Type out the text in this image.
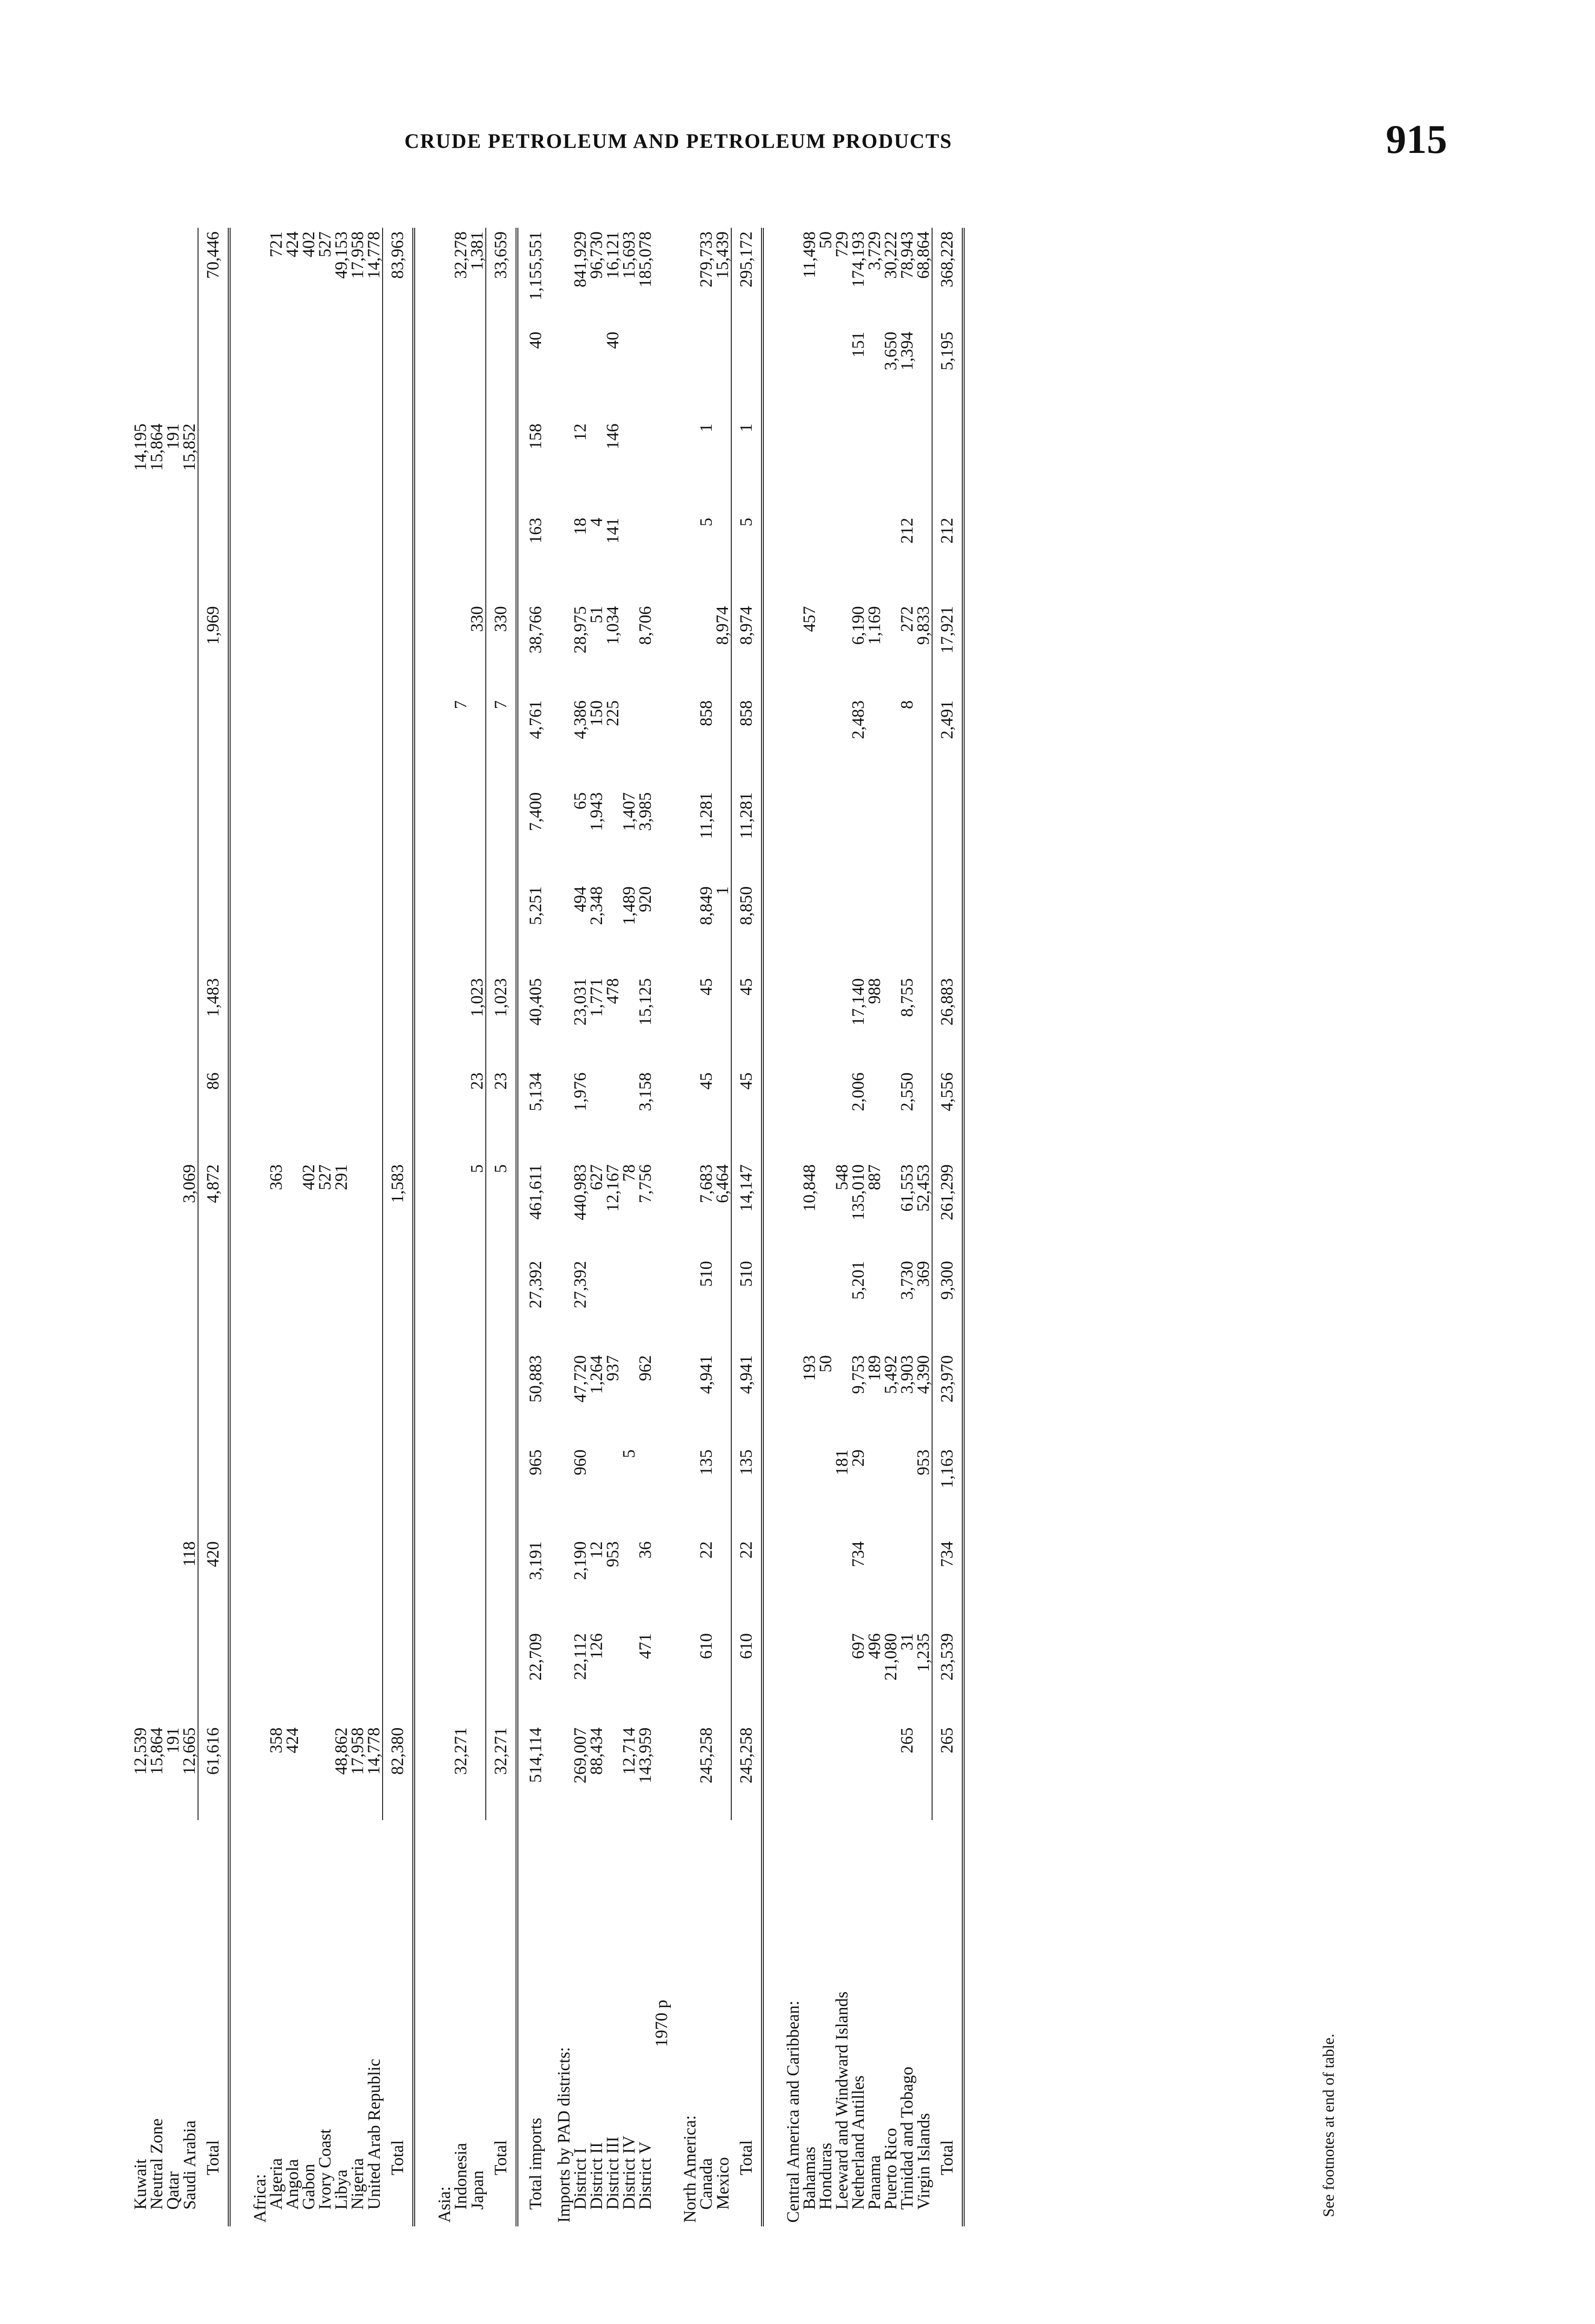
CRUDE PETROLEUM AND PETROLEUM PRODUCTS	915
Kuwait	12,539														14,195		
Neutral Zone	15,864														15,864		
Qatar	191														191		
Saudi Arabia	12,665		118				3,069								15,852		
Total	61,616		420				4,872	86	1,483				1,969				70,446

Africa:																	
Algeria	358						363										721
Angola	424																424
Gabon							402										402
Ivory Coast							527										527
Libya	48,862						291										49,153
Nigeria	17,958																17,958
United Arab Republic	14,778																14,778
Total	82,380						1,583										83,963

Asia:																	
Indonesia	32,271											7					32,278
Japan							5	23	1,023				330				1,381
Total	32,271						5	23	1,023			7	330				33,659
Total imports	514,114	22,709	3,191	965	50,883	27,392	461,611	5,134	40,405	5,251	7,400	4,761	38,766	163	158	40	1,155,551

Imports by PAD districts:																	
District I	269,007	22,112	2,190	960	47,720	27,392	440,983	1,976	23,031	494	65	4,386	28,975	18	12		841,929
District II	88,434	126	12		1,264		627		1,771	2,348	1,943	150	51	4			96,730
District III			953		937		12,167		478			225	1,034	141	146	40	16,121
District IV	12,714			5			78			1,489	1,407						15,693
District V	143,959	471	36		962		7,756	3,158	15,125	920	3,985		8,706				185,078
1970 p																	

North America:																	
Canada	245,258	610	22	135	4,941	510	7,683	45	45	8,849	11,281	858		5	1		279,733
Mexico							6,464			1			8,974				15,439
Total	245,258	610	22	135	4,941	510	14,147	45	45	8,850	11,281	858	8,974	5	1		295,172

Central America and Caribbean:																	
Bahamas					193		10,848						457				11,498
Honduras					50												50
Leeward and Windward Islands				181			548										729
Netherland Antilles		697	734	29	9,753	5,201	135,010	2,006	17,140			2,483	6,190			151	174,193
Panama		496			189		887		988				1,169				3,729
Puerto Rico		21,080			5,492											3,650	30,222
Trinidad and Tobago	265	31			3,903	3,730	61,553	2,550	8,755			8	272	212		1,394	78,943
Virgin Islands		1,235		953	4,390	369	52,453						9,833				68,864
Total	265	23,539	734	1,163	23,970	9,300	261,299	4,556	26,883			2,491	17,921	212		5,195	368,228
See footnotes at end of table.
